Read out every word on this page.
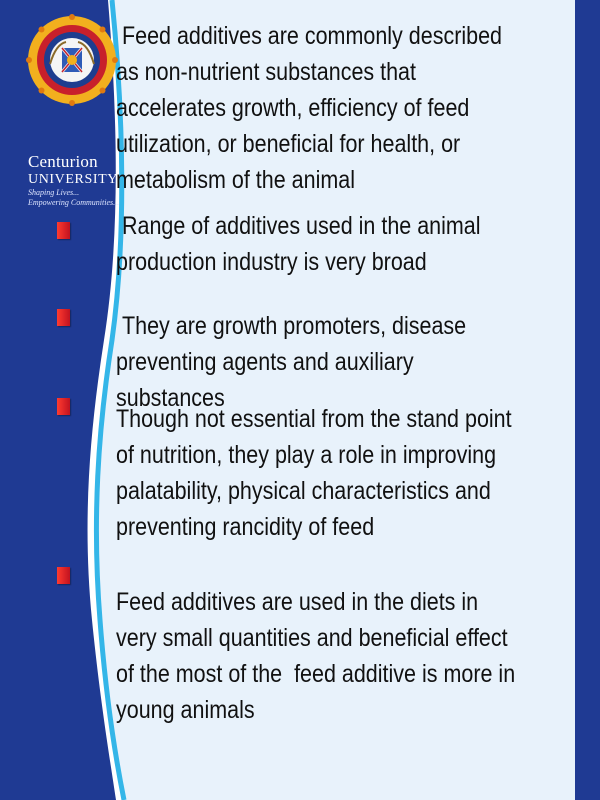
Centurion
UNIVERSITY
Shaping Lives...
Empowering Communities...
Feed additives are commonly described as non-nutrient substances that accelerates growth, efficiency of feed utilization, or beneficial for health, or metabolism of the animal
Range of additives used in the animal production industry is very broad
They are growth promoters, disease preventing agents and auxiliary substances
Though not essential from the stand point of nutrition, they play a role in improving palatability, physical characteristics and preventing rancidity of feed
Feed additives are used in the diets in very small quantities and beneficial effect of the most of the  feed additive is more in young animals
